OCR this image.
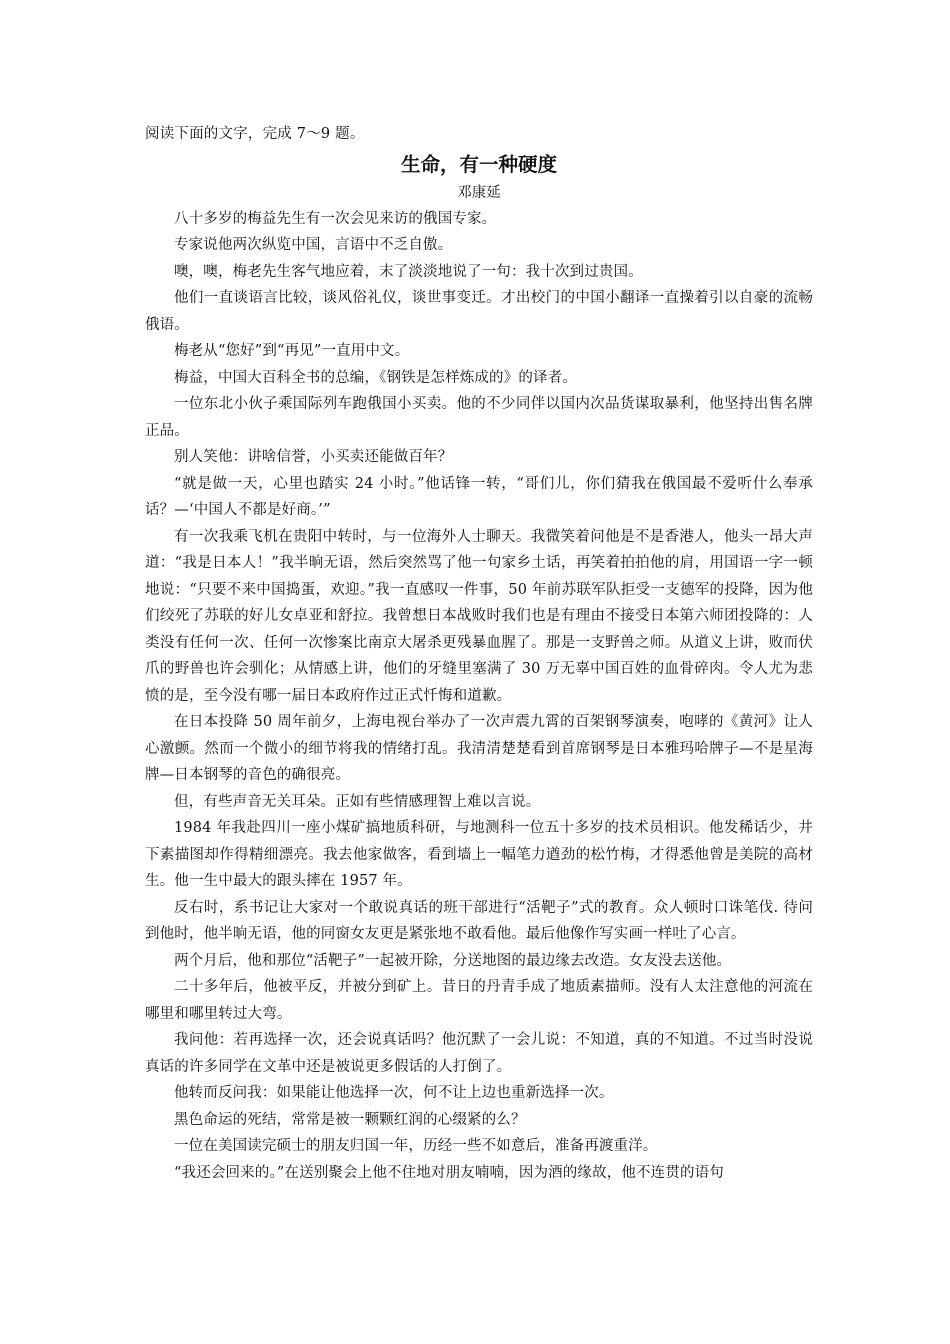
阅读下面的文字，完成 7～9 题。

生命，有一种硬度

邓康延

八十多岁的梅益先生有一次会见来访的俄国专家。

专家说他两次纵览中国，言语中不乏自傲。

噢，噢，梅老先生客气地应着，末了淡淡地说了一句：我十次到过贵国。

他们一直谈语言比较，谈风俗礼仪，谈世事变迁。才出校门的中国小翻译一直操着引以自豪的流畅俄语。

梅老从“您好”到“再见”一直用中文。

梅益，中国大百科全书的总编，《钢铁是怎样炼成的》的译者。

一位东北小伙子乘国际列车跑俄国小买卖。他的不少同伴以国内次品货谋取暴利，他坚持出售名牌正品。

别人笑他：讲啥信誉，小买卖还能做百年？

“就是做一天，心里也踏实 24 小时。”他话锋一转，“哥们儿，你们猜我在俄国最不爱听什么奉承话？—‘中国人不都是好商。’”

有一次我乘飞机在贵阳中转时，与一位海外人士聊天。我微笑着问他是不是香港人，他头一昂大声道：“我是日本人！”我半晌无语，然后突然骂了他一句家乡土话，再笑着拍拍他的肩，用国语一字一顿地说：“只要不来中国捣蛋，欢迎。”我一直感叹一件事，50 年前苏联军队拒受一支德军的投降，因为他们绞死了苏联的好儿女卓亚和舒拉。我曾想日本战败时我们也是有理由不接受日本第六师团投降的：人类没有任何一次、任何一次惨案比南京大屠杀更残暴血腥了。那是一支野兽之师。从道义上讲，败而伏爪的野兽也许会驯化；从情感上讲，他们的牙缝里塞满了 30 万无辜中国百姓的血骨碎肉。令人尤为悲愤的是，至今没有哪一届日本政府作过正式忏悔和道歉。

在日本投降 50 周年前夕，上海电视台举办了一次声震九霄的百架钢琴演奏，咆哮的《黄河》让人心激颤。然而一个微小的细节将我的情绪打乱。我清清楚楚看到首席钢琴是日本雅玛哈牌子—不是星海牌—日本钢琴的音色的确很亮。

但，有些声音无关耳朵。正如有些情感理智上难以言说。

1984 年我赴四川一座小煤矿搞地质科研，与地测科一位五十多岁的技术员相识。他发稀话少，井下素描图却作得精细漂亮。我去他家做客，看到墙上一幅笔力遒劲的松竹梅，才得悉他曾是美院的高材生。他一生中最大的跟头摔在 1957 年。

反右时，系书记让大家对一个敢说真话的班干部进行“活靶子”式的教育。众人顿时口诛笔伐. 待问到他时，他半晌无语，他的同窗女友更是紧张地不敢看他。最后他像作写实画一样吐了心言。

两个月后，他和那位“活靶子”一起被开除，分送地图的最边缘去改造。女友没去送他。

二十多年后，他被平反，并被分到矿上。昔日的丹青手成了地质素描师。没有人太注意他的河流在哪里和哪里转过大弯。

我问他：若再选择一次，还会说真话吗？他沉默了一会儿说：不知道，真的不知道。不过当时没说真话的许多同学在文革中还是被说更多假话的人打倒了。

他转而反问我：如果能让他选择一次，何不让上边也重新选择一次。

黑色命运的死结，常常是被一颗颗红润的心缀紧的么？

一位在美国读完硕士的朋友归国一年，历经一些不如意后，准备再渡重洋。

“我还会回来的。”在送别聚会上他不住地对朋友喃喃，因为酒的缘故，他不连贯的语句
